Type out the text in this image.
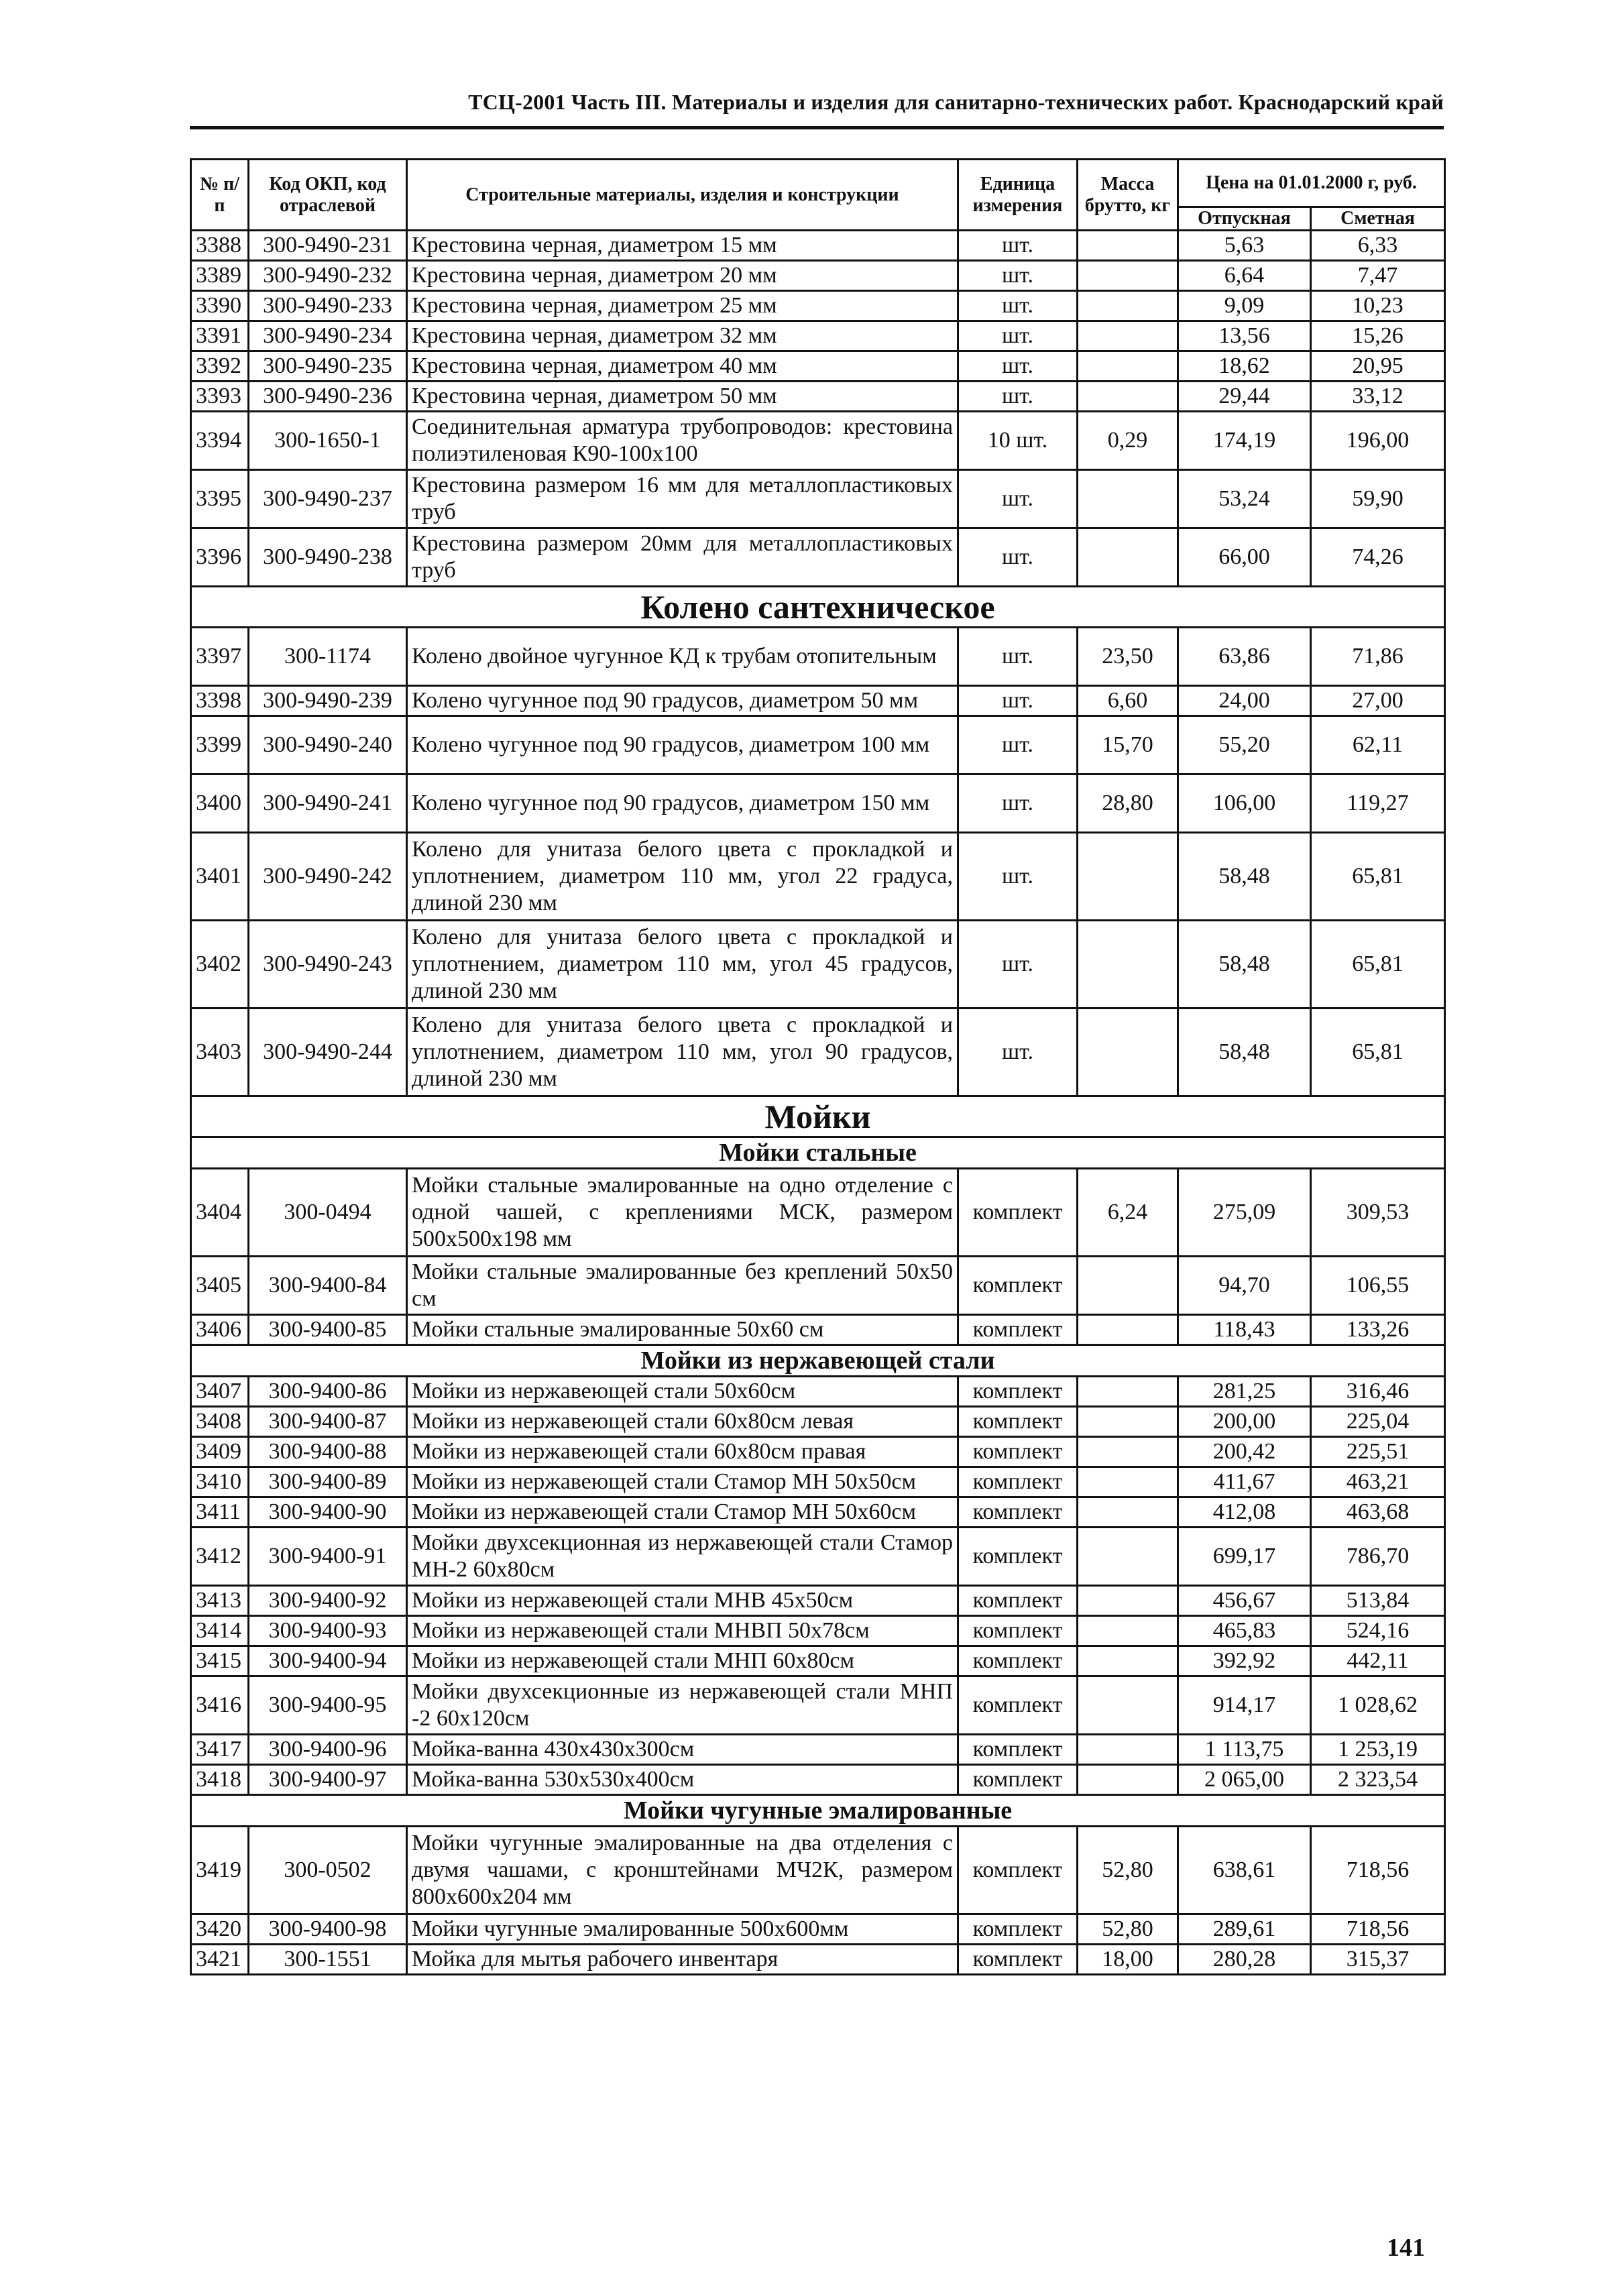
ТСЦ-2001 Часть III. Материалы и изделия для санитарно-технических работ. Краснодарский край
№ п/п	Код ОКП, код отраслевой	Строительные материалы, изделия и конструкции	Единица измерения	Масса брутто, кг	Цена на 01.01.2000 г, руб.	
					Отпускная	Сметная
3388	300-9490-231	Крестовина черная, диаметром 15 мм	шт.		5,63	6,33
3389	300-9490-232	Крестовина черная, диаметром 20 мм	шт.		6,64	7,47
3390	300-9490-233	Крестовина черная, диаметром 25 мм	шт.		9,09	10,23
3391	300-9490-234	Крестовина черная, диаметром 32 мм	шт.		13,56	15,26
3392	300-9490-235	Крестовина черная, диаметром 40 мм	шт.		18,62	20,95
3393	300-9490-236	Крестовина черная, диаметром 50 мм	шт.		29,44	33,12
3394	300-1650-1	Соединительная арматура трубопроводов: крестовина полиэтиленовая К90-100х100	10 шт.	0,29	174,19	196,00
3395	300-9490-237	Крестовина размером 16 мм для металлопластиковых труб	шт.		53,24	59,90
3396	300-9490-238	Крестовина размером 20мм для металлопластиковых труб	шт.		66,00	74,26
Колено сантехническое						
3397	300-1174	Колено двойное чугунное КД к трубам отопительным	шт.	23,50	63,86	71,86
3398	300-9490-239	Колено чугунное под 90 градусов, диаметром 50 мм	шт.	6,60	24,00	27,00
3399	300-9490-240	Колено чугунное под 90 градусов, диаметром 100 мм	шт.	15,70	55,20	62,11
3400	300-9490-241	Колено чугунное под 90 градусов, диаметром 150 мм	шт.	28,80	106,00	119,27
3401	300-9490-242	Колено для унитаза белого цвета с прокладкой и уплотнением, диаметром 110 мм, угол 22 градуса, длиной 230 мм	шт.		58,48	65,81
3402	300-9490-243	Колено для унитаза белого цвета с прокладкой и уплотнением, диаметром 110 мм, угол 45 градусов, длиной 230 мм	шт.		58,48	65,81
3403	300-9490-244	Колено для унитаза белого цвета с прокладкой и уплотнением, диаметром 110 мм, угол 90 градусов, длиной 230 мм	шт.		58,48	65,81
Мойки						
Мойки стальные						
3404	300-0494	Мойки стальные эмалированные на одно отделение с одной чашей, с креплениями МСК, размером 500х500х198 мм	комплект	6,24	275,09	309,53
3405	300-9400-84	Мойки стальные эмалированные без креплений 50х50 см	комплект		94,70	106,55
3406	300-9400-85	Мойки стальные эмалированные 50х60 см	комплект		118,43	133,26
Мойки из нержавеющей стали						
3407	300-9400-86	Мойки из нержавеющей стали 50х60см	комплект		281,25	316,46
3408	300-9400-87	Мойки из нержавеющей стали 60х80см левая	комплект		200,00	225,04
3409	300-9400-88	Мойки из нержавеющей стали 60х80см правая	комплект		200,42	225,51
3410	300-9400-89	Мойки из нержавеющей стали Стамор МН 50х50см	комплект		411,67	463,21
3411	300-9400-90	Мойки из нержавеющей стали Стамор МН 50х60см	комплект		412,08	463,68
3412	300-9400-91	Мойки двухсекционная из нержавеющей стали Стамор МН-2 60х80см	комплект		699,17	786,70
3413	300-9400-92	Мойки из нержавеющей стали МНВ 45х50см	комплект		456,67	513,84
3414	300-9400-93	Мойки из нержавеющей стали МНВП 50х78см	комплект		465,83	524,16
3415	300-9400-94	Мойки из нержавеющей стали МНП 60х80см	комплект		392,92	442,11
3416	300-9400-95	Мойки двухсекционные из нержавеющей стали МНП -2 60х120см	комплект		914,17	1 028,62
3417	300-9400-96	Мойка-ванна 430х430х300см	комплект		1 113,75	1 253,19
3418	300-9400-97	Мойка-ванна 530х530х400см	комплект		2 065,00	2 323,54
Мойки чугунные эмалированные						
3419	300-0502	Мойки чугунные эмалированные на два отделения с двумя чашами, с кронштейнами МЧ2К, размером 800х600х204 мм	комплект	52,80	638,61	718,56
3420	300-9400-98	Мойки чугунные эмалированные 500х600мм	комплект	52,80	289,61	718,56
3421	300-1551	Мойка для мытья рабочего инвентаря	комплект	18,00	280,28	315,37
141
